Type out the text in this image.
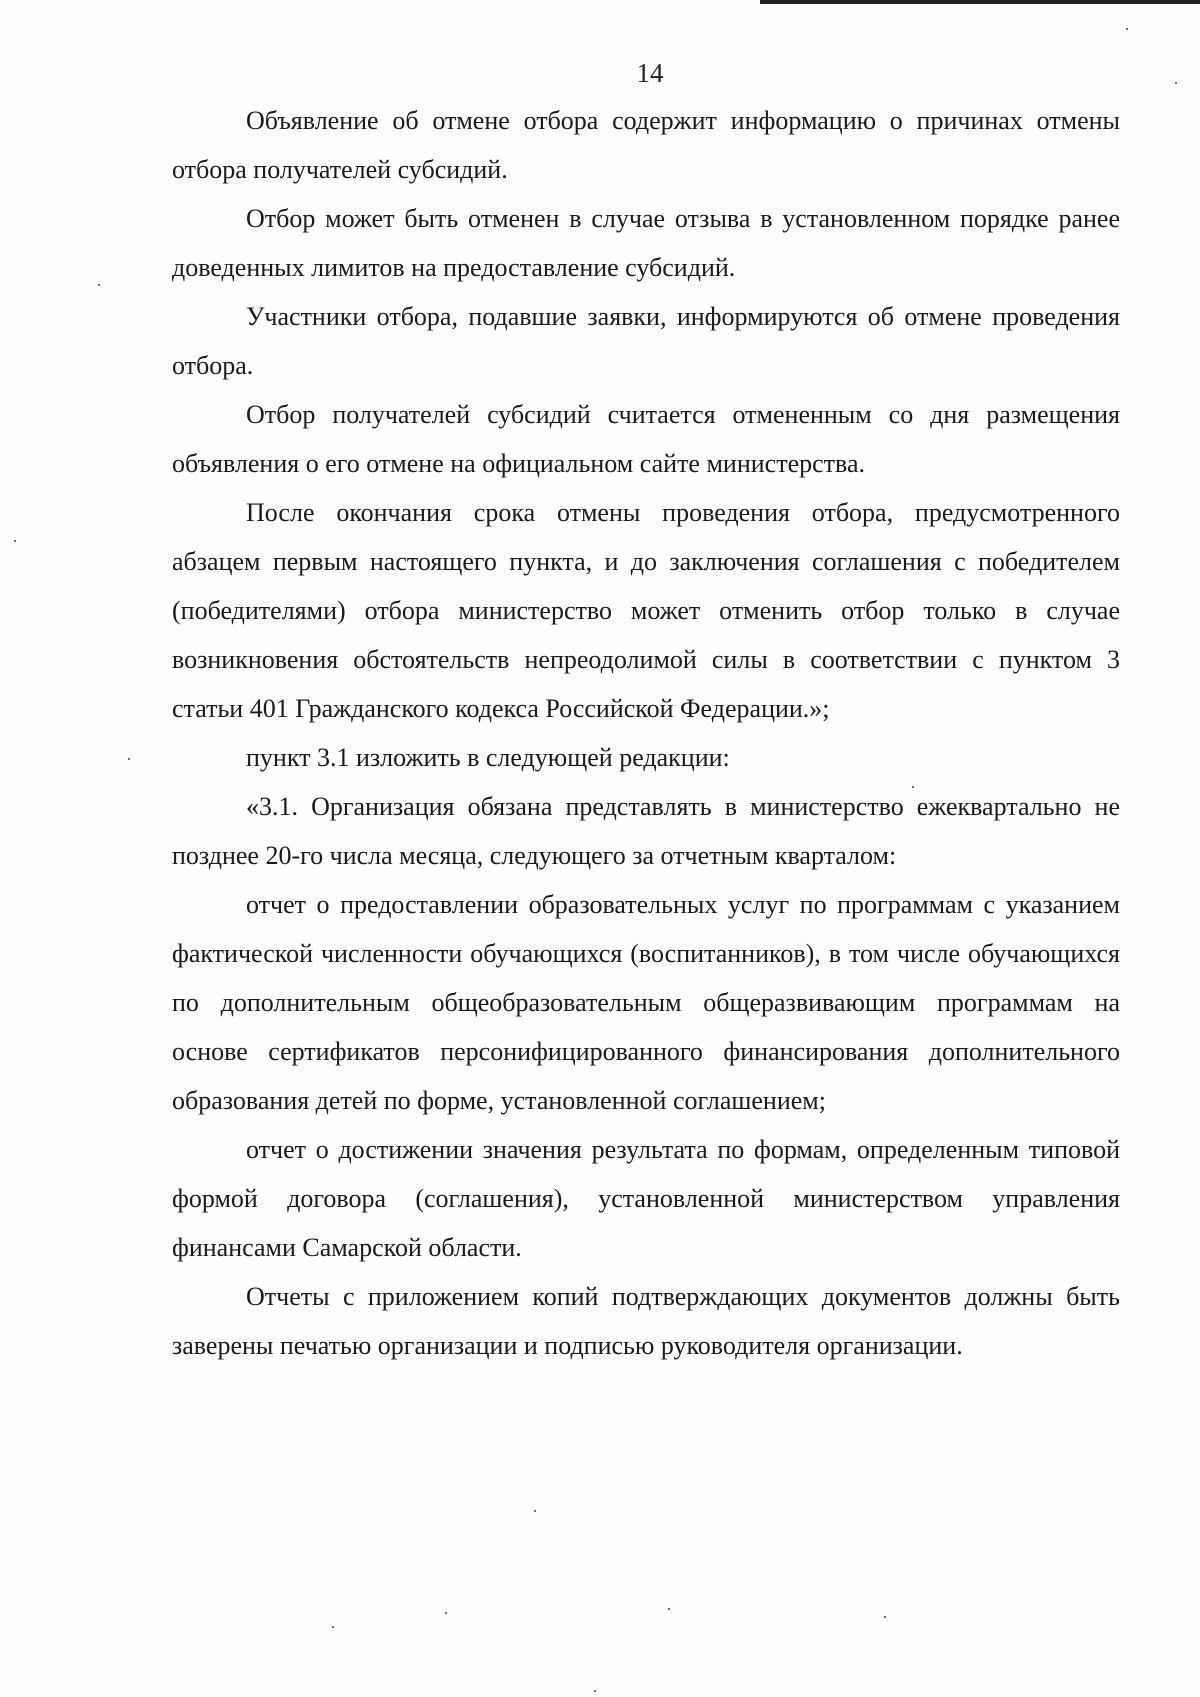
14

Объявление об отмене отбора содержит информацию о причинах отмены отбора получателей субсидий.

Отбор может быть отменен в случае отзыва в установленном порядке ранее доведенных лимитов на предоставление субсидий.

Участники отбора, подавшие заявки, информируются об отмене проведения отбора.

Отбор получателей субсидий считается отмененным со дня размещения объявления о его отмене на официальном сайте министерства.

После окончания срока отмены проведения отбора, предусмотренного абзацем первым настоящего пункта, и до заключения соглашения с победителем (победителями) отбора министерство может отменить отбор только в случае возникновения обстоятельств непреодолимой силы в соответствии с пунктом 3 статьи 401 Гражданского кодекса Российской Федерации.»;

пункт 3.1 изложить в следующей редакции:

«3.1. Организация обязана представлять в министерство ежеквартально не позднее 20-го числа месяца, следующего за отчетным кварталом:

отчет о предоставлении образовательных услуг по программам с указанием фактической численности обучающихся (воспитанников), в том числе обучающихся по дополнительным общеобразовательным общеразвивающим программам на основе сертификатов персонифицированного финансирования дополнительного образования детей по форме, установленной соглашением;

отчет о достижении значения результата по формам, определенным типовой формой договора (соглашения), установленной министерством управления финансами Самарской области.

Отчеты с приложением копий подтверждающих документов должны быть заверены печатью организации и подписью руководителя организации.
